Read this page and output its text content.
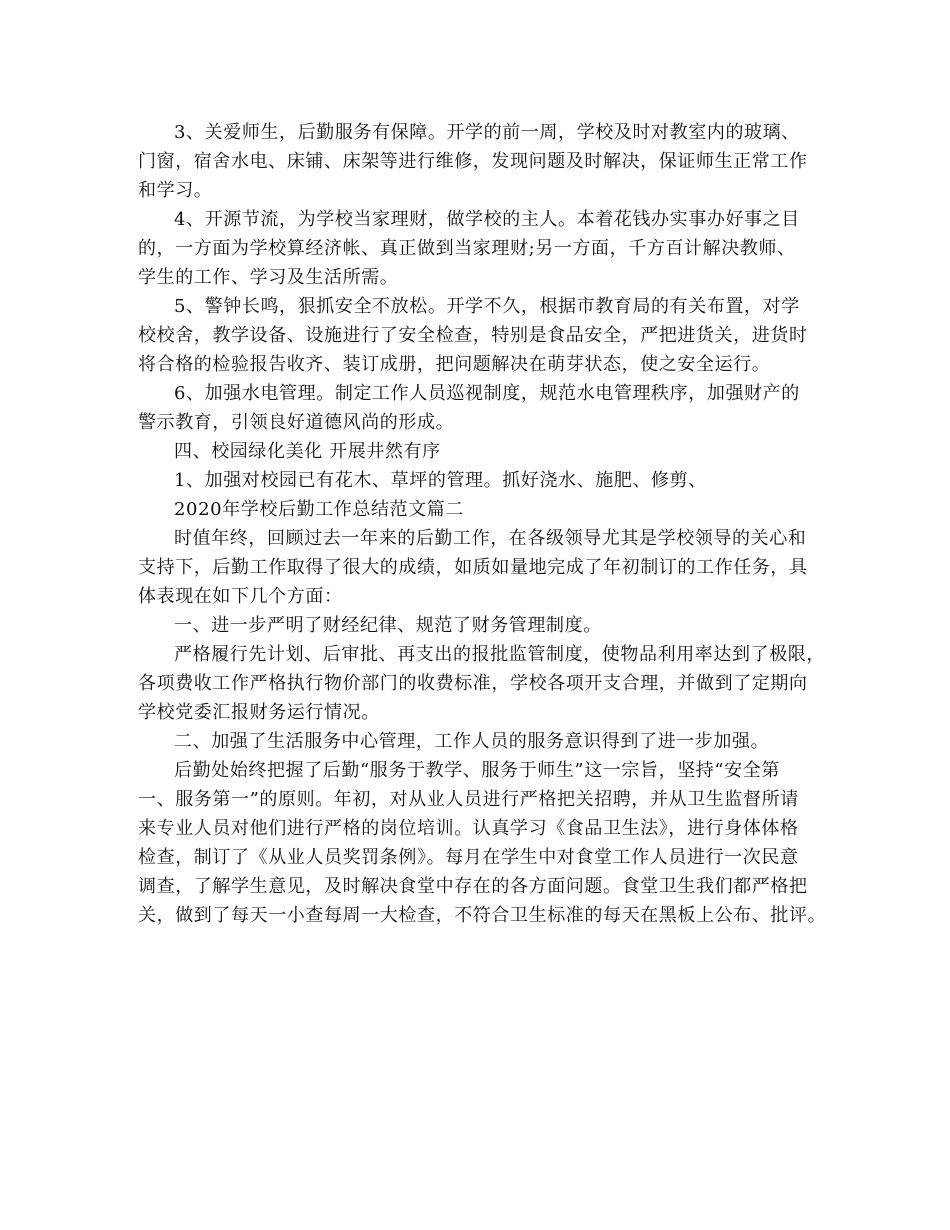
3、关爱师生，后勤服务有保障。开学的前一周，学校及时对教室内的玻璃、
门窗，宿舍水电、床铺、床架等进行维修，发现问题及时解决，保证师生正常工作
和学习。

4、开源节流，为学校当家理财，做学校的主人。本着花钱办实事办好事之目
的，一方面为学校算经济帐、真正做到当家理财;另一方面，千方百计解决教师、
学生的工作、学习及生活所需。

5、警钟长鸣，狠抓安全不放松。开学不久，根据市教育局的有关布置，对学
校校舍，教学设备、设施进行了安全检查，特别是食品安全，严把进货关，进货时
将合格的检验报告收齐、装订成册，把问题解决在萌芽状态，使之安全运行。

6、加强水电管理。制定工作人员巡视制度，规范水电管理秩序，加强财产的
警示教育，引领良好道德风尚的形成。

四、校园绿化美化 开展井然有序

1、加强对校园已有花木、草坪的管理。抓好浇水、施肥、修剪、

2020年学校后勤工作总结范文篇二

时值年终，回顾过去一年来的后勤工作，在各级领导尤其是学校领导的关心和
支持下，后勤工作取得了很大的成绩，如质如量地完成了年初制订的工作任务，具
体表现在如下几个方面：

一、进一步严明了财经纪律、规范了财务管理制度。

严格履行先计划、后审批、再支出的报批监管制度，使物品利用率达到了极限，
各项费收工作严格执行物价部门的收费标准，学校各项开支合理，并做到了定期向
学校党委汇报财务运行情况。

二、加强了生活服务中心管理，工作人员的服务意识得到了进一步加强。

后勤处始终把握了后勤“服务于教学、服务于师生”这一宗旨，坚持“安全第
一、服务第一”的原则。年初，对从业人员进行严格把关招聘，并从卫生监督所请
来专业人员对他们进行严格的岗位培训。认真学习《食品卫生法》，进行身体体格
检查，制订了《从业人员奖罚条例》。每月在学生中对食堂工作人员进行一次民意
调查，了解学生意见，及时解决食堂中存在的各方面问题。食堂卫生我们都严格把
关，做到了每天一小查每周一大检查，不符合卫生标准的每天在黑板上公布、批评。
